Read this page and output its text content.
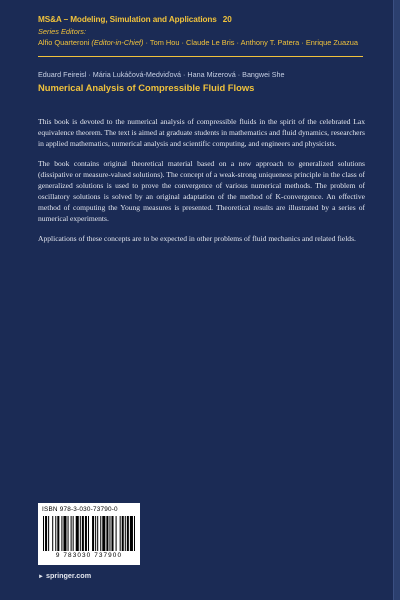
MS&A – Modeling, Simulation and Applications 20
Series Editors:
Alfio Quarteroni (Editor-in-Chief) · Tom Hou · Claude Le Bris · Anthony T. Patera · Enrique Zuazua
Eduard Feireisl · Mária Lukáčová-Medviďová · Hana Mizerová · Bangwei She
Numerical Analysis of Compressible Fluid Flows

This book is devoted to the numerical analysis of compressible fluids in the spirit of the celebrated Lax equivalence theorem. The text is aimed at graduate students in mathematics and fluid dynamics, researchers in applied mathematics, numerical analysis and scientific computing, and engineers and physicists.

The book contains original theoretical material based on a new approach to generalized solutions (dissipative or measure-valued solutions). The concept of a weak-strong uniqueness principle in the class of generalized solutions is used to prove the convergence of various numerical methods. The problem of oscillatory solutions is solved by an original adaptation of the method of K-convergence. An effective method of computing the Young measures is presented. Theoretical results are illustrated by a series of numerical experiments.

Applications of these concepts are to be expected in other problems of fluid mechanics and related fields.

ISBN 978-3-030-73790-0
9 783030 737900
► springer.com
